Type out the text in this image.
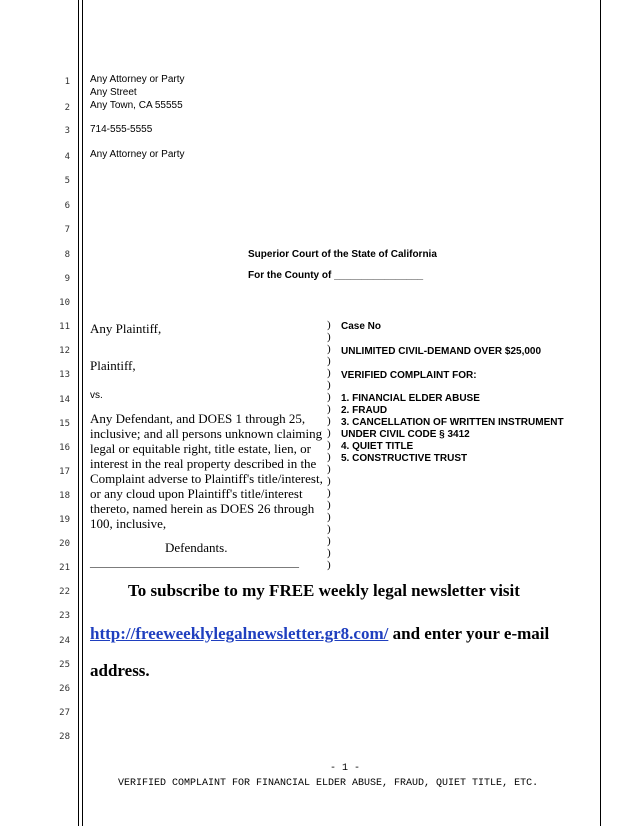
1
2
3
4
5
6
7
8
9
10
11
12
13
14
15
16
17
18
19
20
21
22
23
24
25
26
27
28
Any Attorney or Party
Any Street
Any Town, CA 55555
714-555-5555
Any Attorney or Party
Superior Court of the State of California
For the County of ________________
Any Plaintiff,
Plaintiff,
vs.
Any Defendant, and DOES 1 through 25,
inclusive; and all persons unknown claiming
legal or equitable right, title estate, lien, or
interest in the real property described in the
Complaint adverse to Plaintiff's title/interest,
or any cloud upon Plaintiff's title/interest
thereto, named herein as DOES 26 through
100, inclusive,
Defendants.
______________________________________
)
)
)
)
)
)
)
)
)
)
)
)
)
)
)
)
)
)
)
)
)
Case No
UNLIMITED CIVIL-DEMAND OVER $25,000
VERIFIED COMPLAINT FOR:
1. FINANCIAL ELDER ABUSE
2. FRAUD
3. CANCELLATION OF WRITTEN INSTRUMENT
UNDER CIVIL CODE § 3412
4. QUIET TITLE
5. CONSTRUCTIVE TRUST
To subscribe to my FREE weekly legal newsletter visit
http://freeweeklylegalnewsletter.gr8.com/ and enter your e-mail
address.
- 1 -
VERIFIED COMPLAINT FOR FINANCIAL ELDER ABUSE, FRAUD, QUIET TITLE, ETC.
